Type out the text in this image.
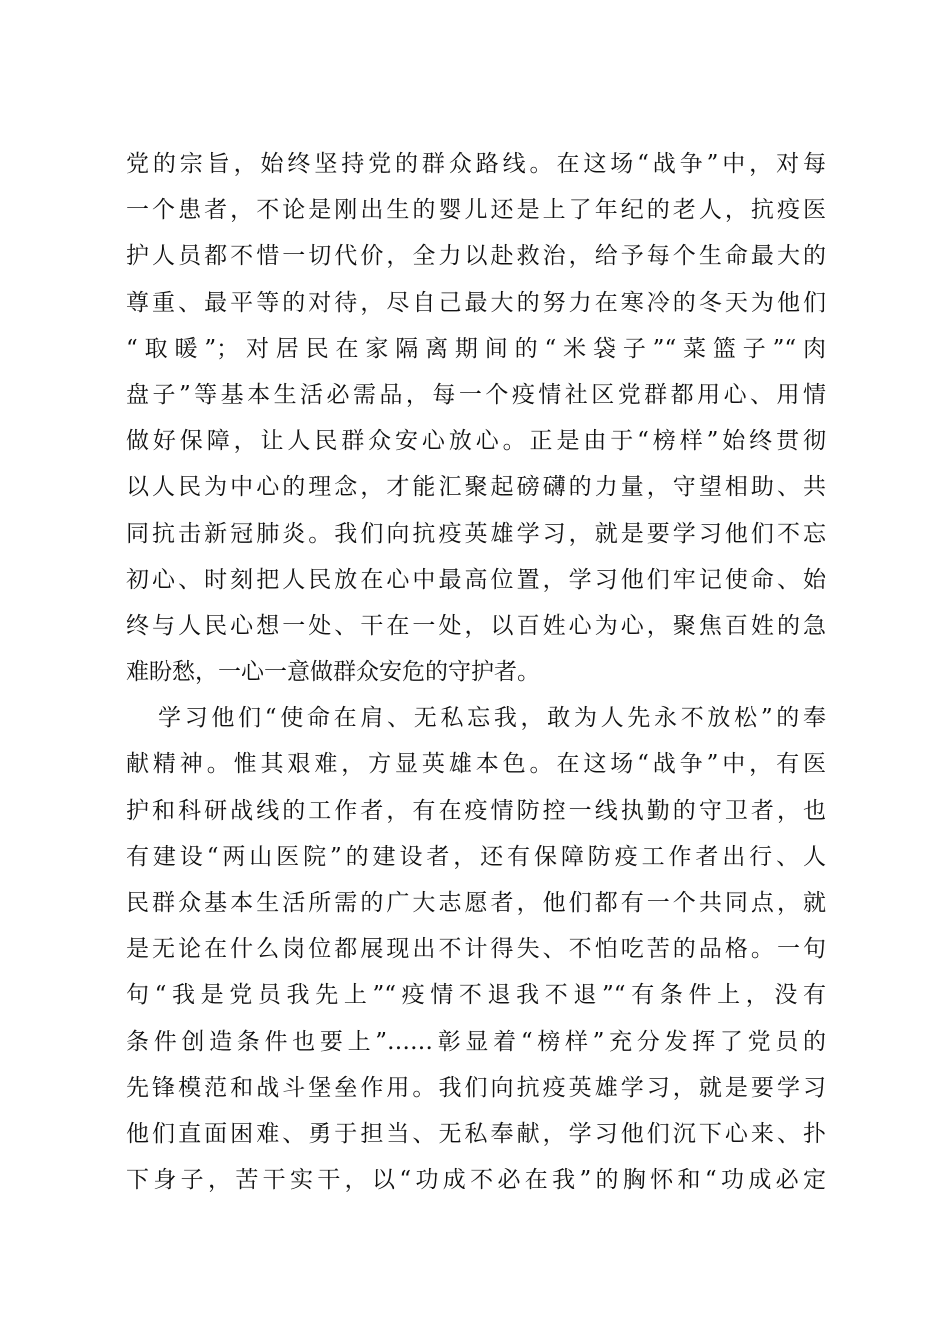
党的宗旨，始终坚持党的群众路线。在这场“战争”中，对每
一个患者，不论是刚出生的婴儿还是上了年纪的老人，抗疫医
护人员都不惜一切代价，全力以赴救治，给予每个生命最大的
尊重、最平等的对待，尽自己最大的努力在寒冷的冬天为他们
“取暖”；对居民在家隔离期间的“米袋子”“菜篮子”“肉
盘子”等基本生活必需品，每一个疫情社区党群都用心、用情
做好保障，让人民群众安心放心。正是由于“榜样”始终贯彻
以人民为中心的理念，才能汇聚起磅礴的力量，守望相助、共
同抗击新冠肺炎。我们向抗疫英雄学习，就是要学习他们不忘
初心、时刻把人民放在心中最高位置，学习他们牢记使命、始
终与人民心想一处、干在一处，以百姓心为心，聚焦百姓的急
难盼愁，一心一意做群众安危的守护者。
学习他们“使命在肩、无私忘我，敢为人先永不放松”的奉
献精神。惟其艰难，方显英雄本色。在这场“战争”中，有医
护和科研战线的工作者，有在疫情防控一线执勤的守卫者，也
有建设“两山医院”的建设者，还有保障防疫工作者出行、人
民群众基本生活所需的广大志愿者，他们都有一个共同点，就
是无论在什么岗位都展现出不计得失、不怕吃苦的品格。一句
句“我是党员我先上”“疫情不退我不退”“有条件上，没有
条件创造条件也要上”……彰显着“榜样”充分发挥了党员的
先锋模范和战斗堡垒作用。我们向抗疫英雄学习，就是要学习
他们直面困难、勇于担当、无私奉献，学习他们沉下心来、扑
下身子，苦干实干，以“功成不必在我”的胸怀和“功成必定
